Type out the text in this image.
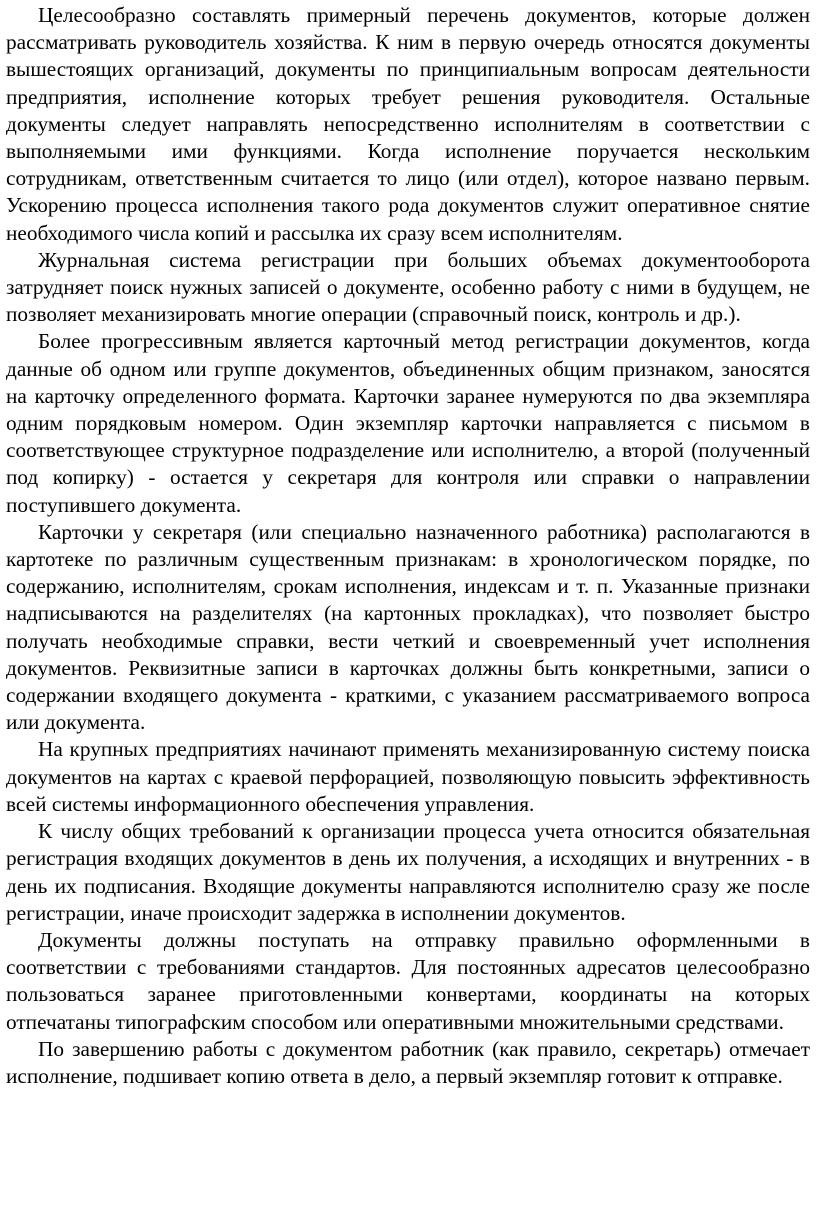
Целесообразно составлять примерный перечень документов, которые должен рассматривать руководитель хозяйства. К ним в первую очередь относятся документы вышестоящих организаций, документы по принципиальным вопросам деятельности предприятия, исполнение которых требует решения руководителя. Остальные документы следует направлять непосредственно исполнителям в соответствии с выполняемыми ими функциями. Когда исполнение поручается нескольким сотрудникам, ответственным считается то лицо (или отдел), которое названо первым. Ускорению процесса исполнения такого рода документов служит оперативное снятие необходимого числа копий и рассылка их сразу всем исполнителям.

Журнальная система регистрации при больших объемах документооборота затрудняет поиск нужных записей о документе, особенно работу с ними в будущем, не позволяет механизировать многие операции (справочный поиск, контроль и др.).

Более прогрессивным является карточный метод регистрации документов, когда данные об одном или группе документов, объединенных общим признаком, заносятся на карточку определенного формата. Карточки заранее нумеруются по два экземпляра одним порядковым номером. Один экземпляр карточки направляется с письмом в соответствующее структурное подразделение или исполнителю, а второй (полученный под копирку) - остается у секретаря для контроля или справки о направлении поступившего документа.

Карточки у секретаря (или специально назначенного работника) располагаются в картотеке по различным существенным признакам: в хронологическом порядке, по содержанию, исполнителям, срокам исполнения, индексам и т. п. Указанные признаки надписываются на разделителях (на картонных прокладках), что позволяет быстро получать необходимые справки, вести четкий и своевременный учет исполнения документов. Реквизитные записи в карточках должны быть конкретными, записи о содержании входящего документа - краткими, с указанием рассматриваемого вопроса или документа.

На крупных предприятиях начинают применять механизированную систему поиска документов на картах с краевой перфорацией, позволяющую повысить эффективность всей системы информационного обеспечения управления.

К числу общих требований к организации процесса учета относится обязательная регистрация входящих документов в день их получения, а исходящих и внутренних - в день их подписания. Входящие документы направляются исполнителю сразу же после регистрации, иначе происходит задержка в исполнении документов.

Документы должны поступать на отправку правильно оформленными в соответствии с требованиями стандартов. Для постоянных адресатов целесообразно пользоваться заранее приготовленными конвертами, координаты на которых отпечатаны типографским способом или оперативными множительными средствами.

По завершению работы с документом работник (как правило, секретарь) отмечает исполнение, подшивает копию ответа в дело, а первый экземпляр готовит к отправке.
